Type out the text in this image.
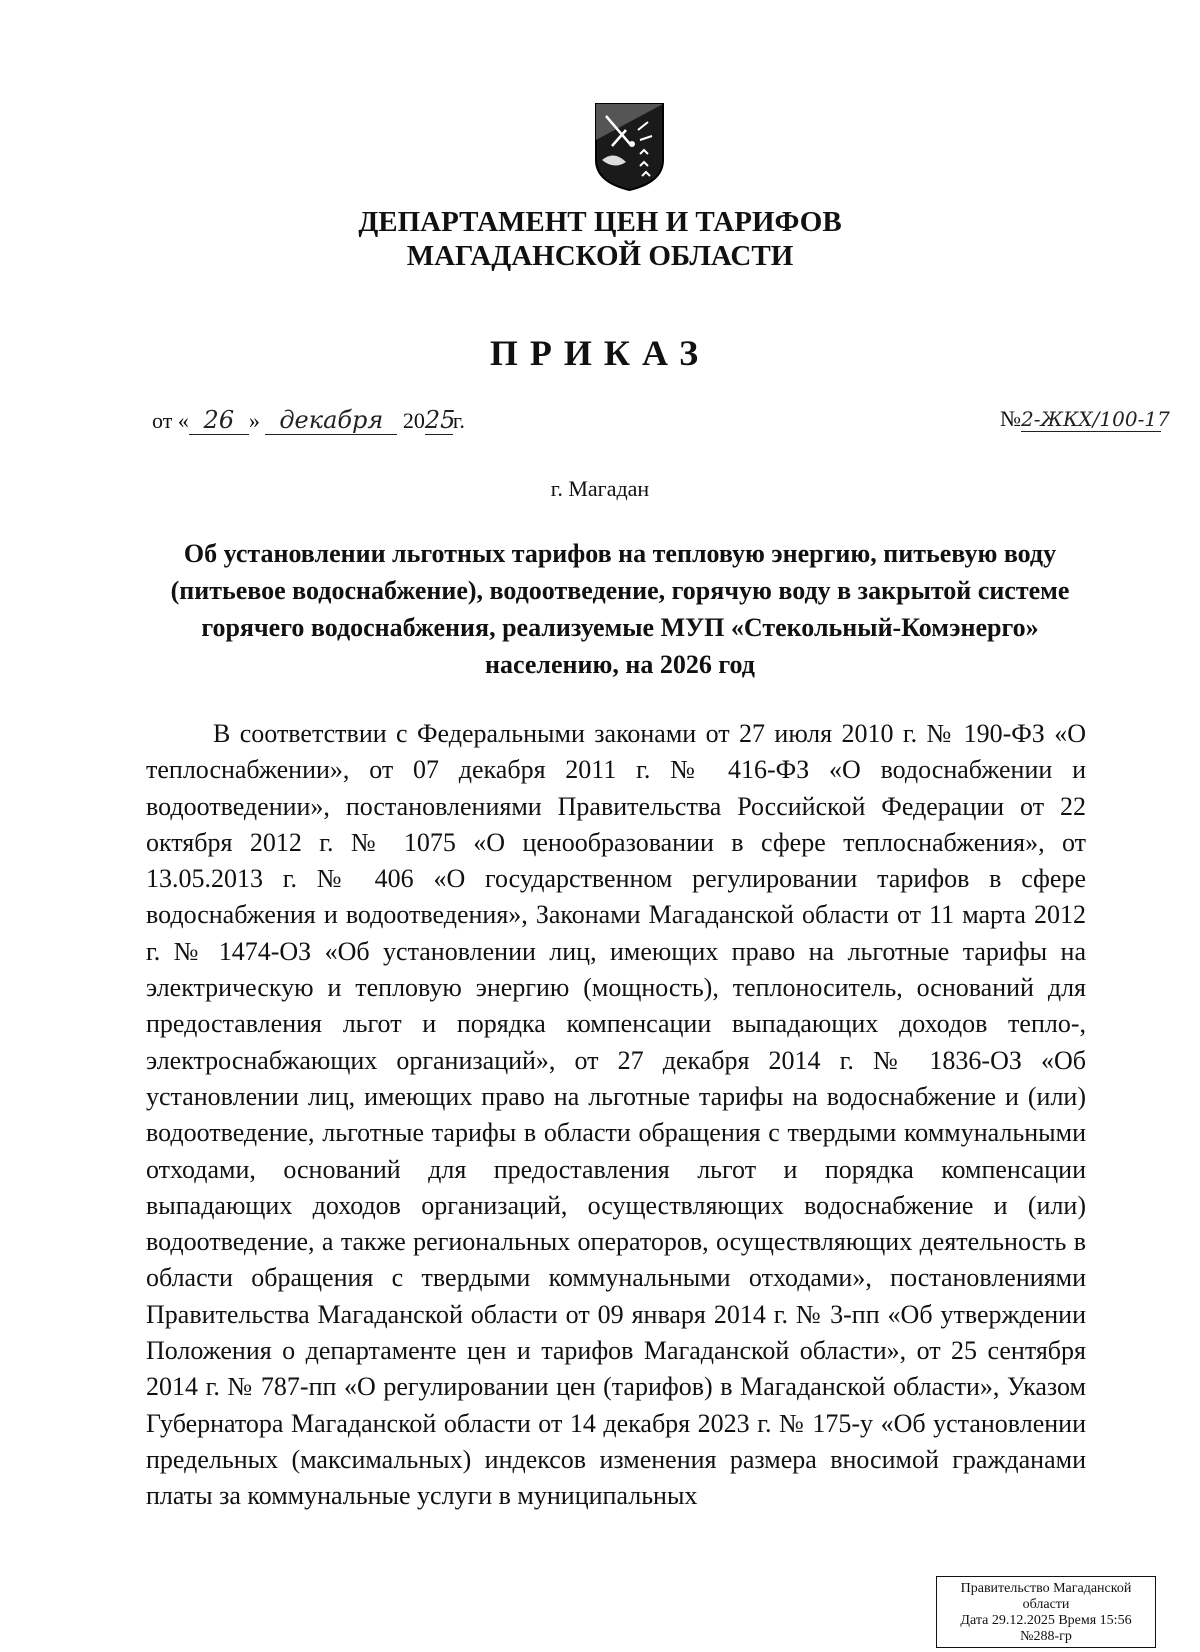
ДЕПАРТАМЕНТ ЦЕН И ТАРИФОВ
МАГАДАНСКОЙ ОБЛАСТИ
ПРИКАЗ
от « 26 » декабря 2025г.	№2-ЖКХ/100-17
г. Магадан
Об установлении льготных тарифов на тепловую энергию, питьевую воду (питьевое водоснабжение), водоотведение, горячую воду в закрытой системе горячего водоснабжения, реализуемые МУП «Стекольный-Комэнерго» населению, на 2026 год

В соответствии с Федеральными законами от 27 июля 2010 г. № 190-ФЗ «О теплоснабжении», от 07 декабря 2011 г. № 416-ФЗ «О водоснабжении и водоотведении», постановлениями Правительства Российской Федерации от 22 октября 2012 г. № 1075 «О ценообразовании в сфере теплоснабжения», от 13.05.2013 г. № 406 «О государственном регулировании тарифов в сфере водоснабжения и водоотведения», Законами Магаданской области от 11 марта 2012 г. № 1474-ОЗ «Об установлении лиц, имеющих право на льготные тарифы на электрическую и тепловую энергию (мощность), теплоноситель, оснований для предоставления льгот и порядка компенсации выпадающих доходов тепло-, электроснабжающих организаций», от 27 декабря 2014 г. № 1836-ОЗ «Об установлении лиц, имеющих право на льготные тарифы на водоснабжение и (или) водоотведение, льготные тарифы в области обращения с твердыми коммунальными отходами, оснований для предоставления льгот и порядка компенсации выпадающих доходов организаций, осуществляющих водоснабжение и (или) водоотведение, а также региональных операторов, осуществляющих деятельность в области обращения с твердыми коммунальными отходами», постановлениями Правительства Магаданской области от 09 января 2014 г. № 3-пп «Об утверждении Положения о департаменте цен и тарифов Магаданской области», от 25 сентября 2014 г. № 787-пп «О регулировании цен (тарифов) в Магаданской области», Указом Губернатора Магаданской области от 14 декабря 2023 г. № 175-у «Об установлении предельных (максимальных) индексов изменения размера вносимой гражданами платы за коммунальные услуги в муниципальных

Правительство Магаданской
области
Дата 29.12.2025 Время 15:56
№288-гр
